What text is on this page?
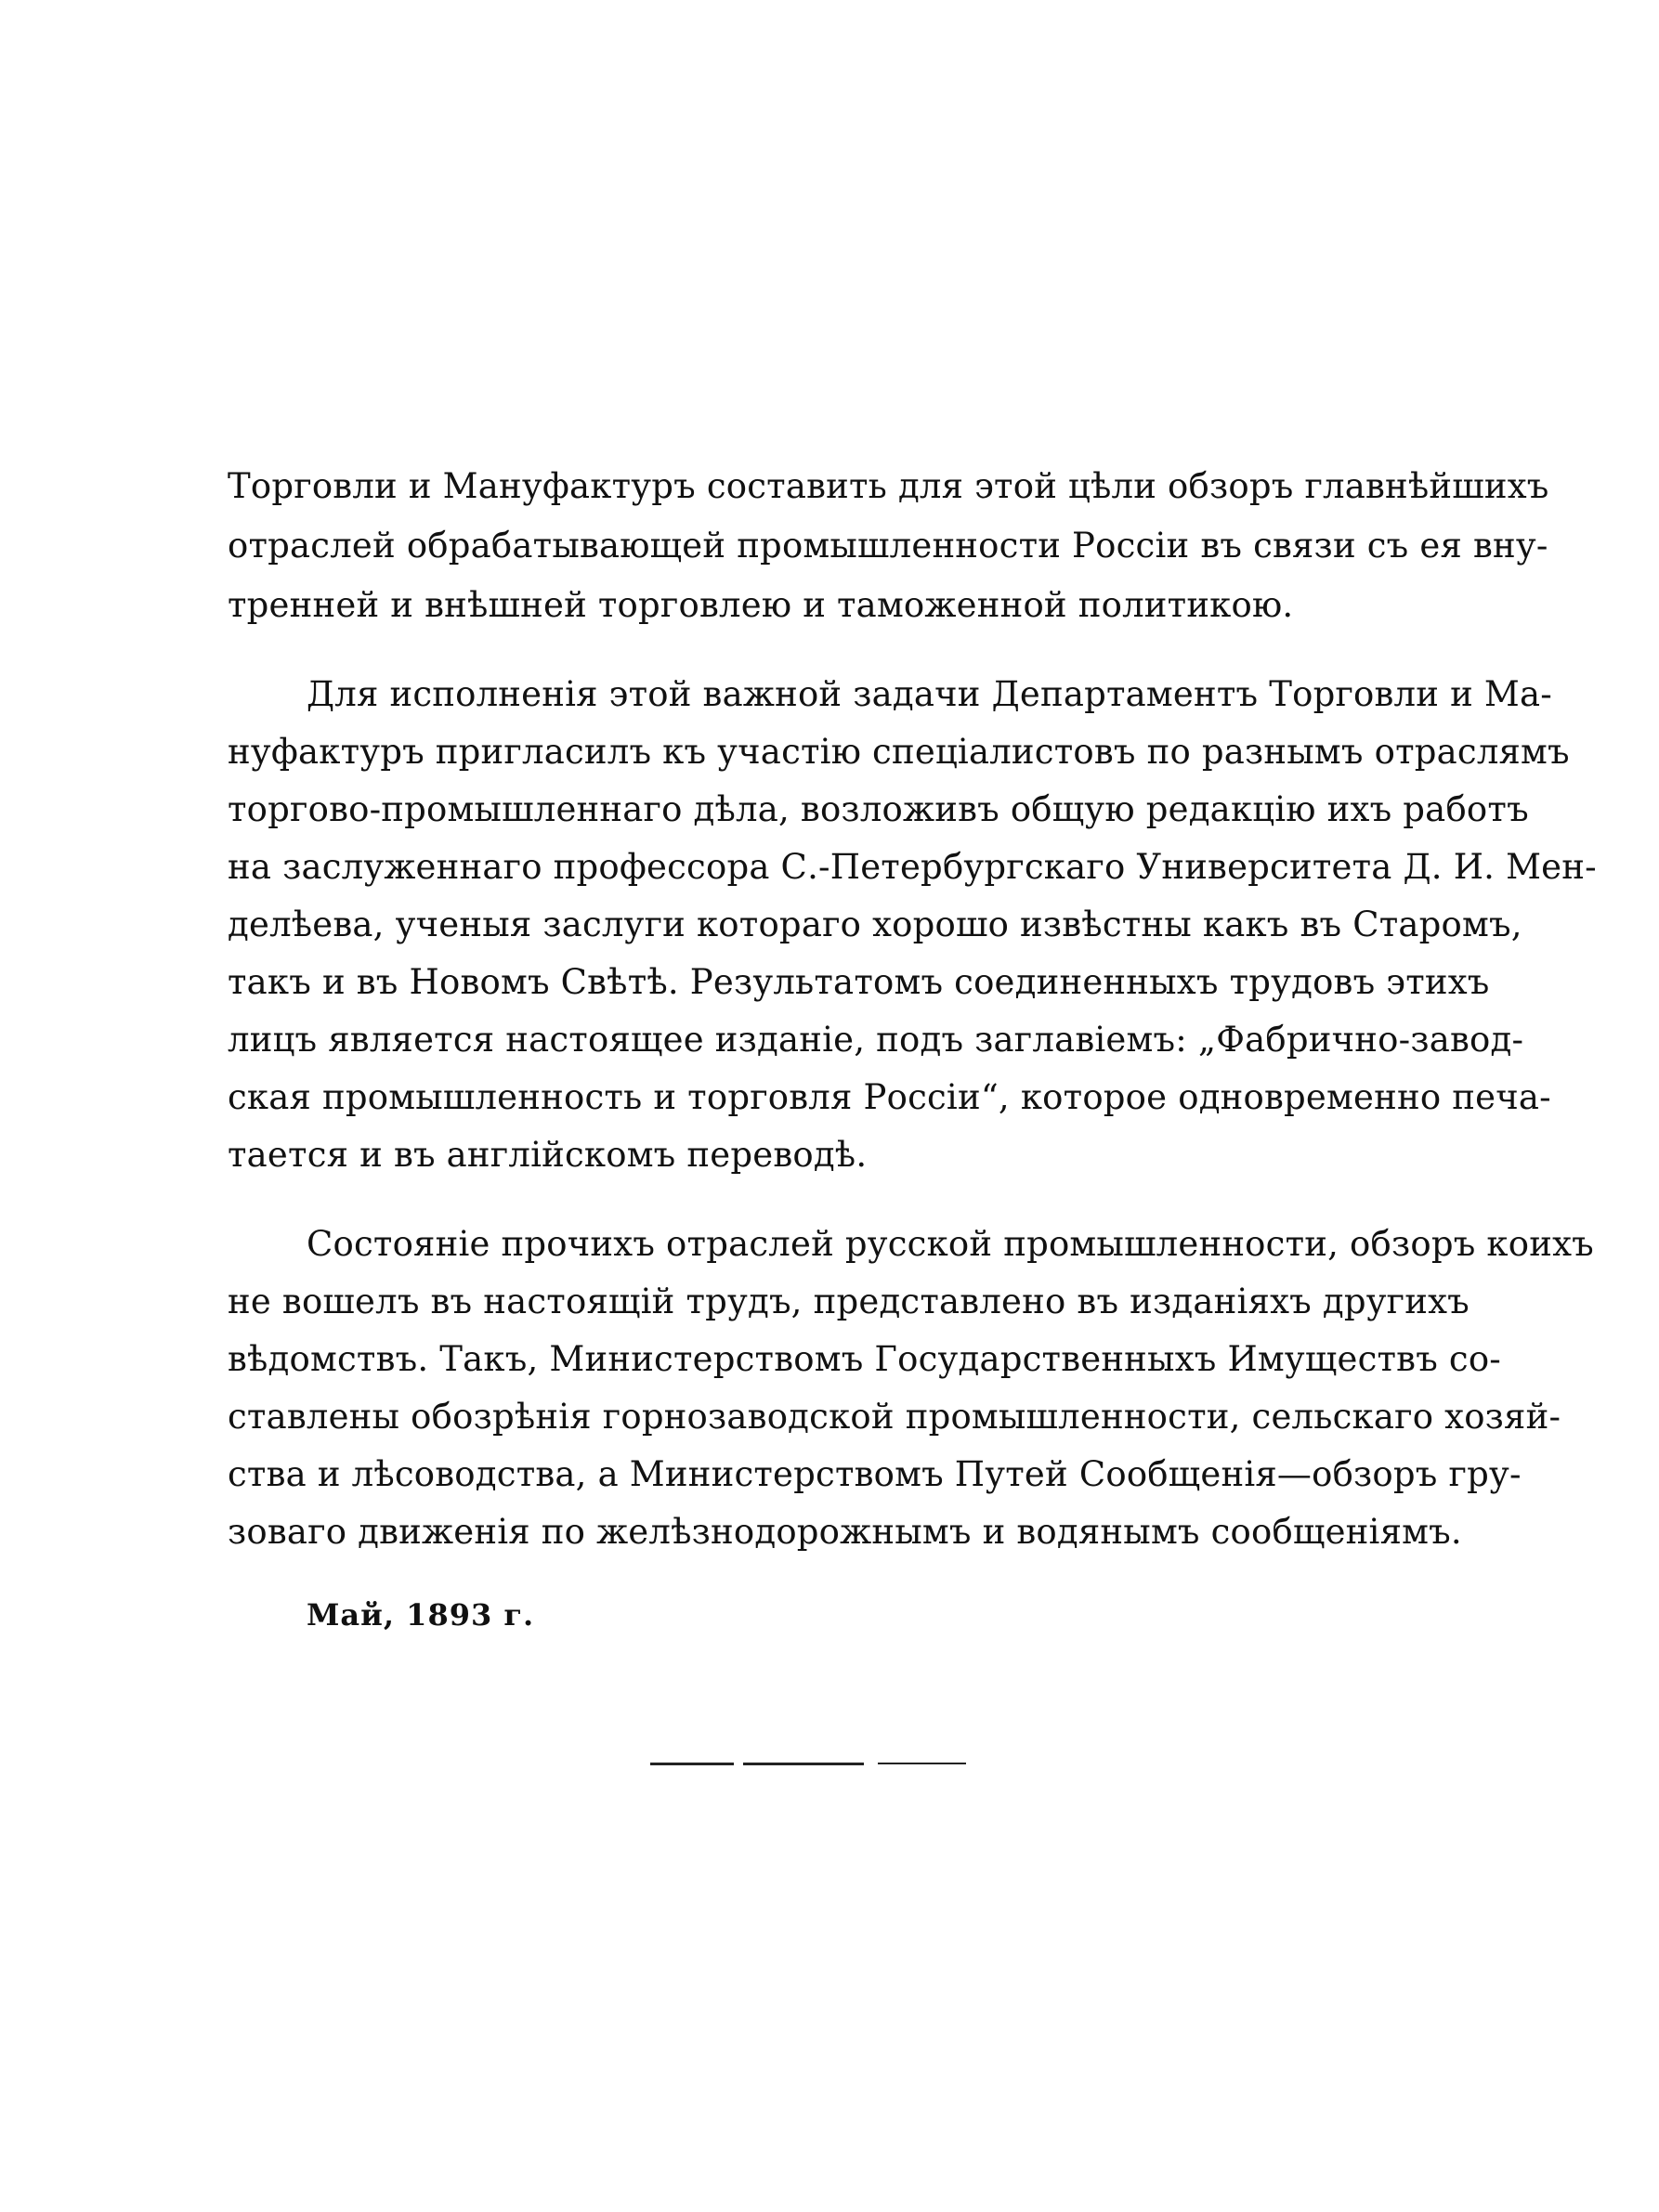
Торговли и Мануфактуръ составить для этой цѣли обзоръ главнѣйшихъ
отраслей обрабатывающей промышленности Россіи въ связи съ ея вну-
тренней и внѣшней торговлею и таможенной политикою.
Для исполненія этой важной задачи Департаментъ Торговли и Ма-
нуфактуръ пригласилъ къ участію спеціалистовъ по разнымъ отраслямъ
торгово-промышленнаго дѣла, возложивъ общую редакцію ихъ работъ
на заслуженнаго профессора С.-Петербургскаго Университета Д. И. Мен-
делѣева, ученыя заслуги котораго хорошо извѣстны какъ въ Старомъ,
такъ и въ Новомъ Свѣтѣ. Результатомъ соединенныхъ трудовъ этихъ
лицъ является настоящее изданіе, подъ заглавіемъ: „Фабрично-завод-
ская промышленность и торговля Россіи“, которое одновременно печа-
тается и въ англійскомъ переводѣ.
Состояніе прочихъ отраслей русской промышленности, обзоръ коихъ
не вошелъ въ настоящій трудъ, представлено въ изданіяхъ другихъ
вѣдомствъ. Такъ, Министерствомъ Государственныхъ Имуществъ со-
ставлены обозрѣнія горнозаводской промышленности, сельскаго хозяй-
ства и лѣсоводства, а Министерствомъ Путей Сообщенія—обзоръ гру-
зоваго движенія по желѣзнодорожнымъ и водянымъ сообщеніямъ.
Май, 1893 г.
